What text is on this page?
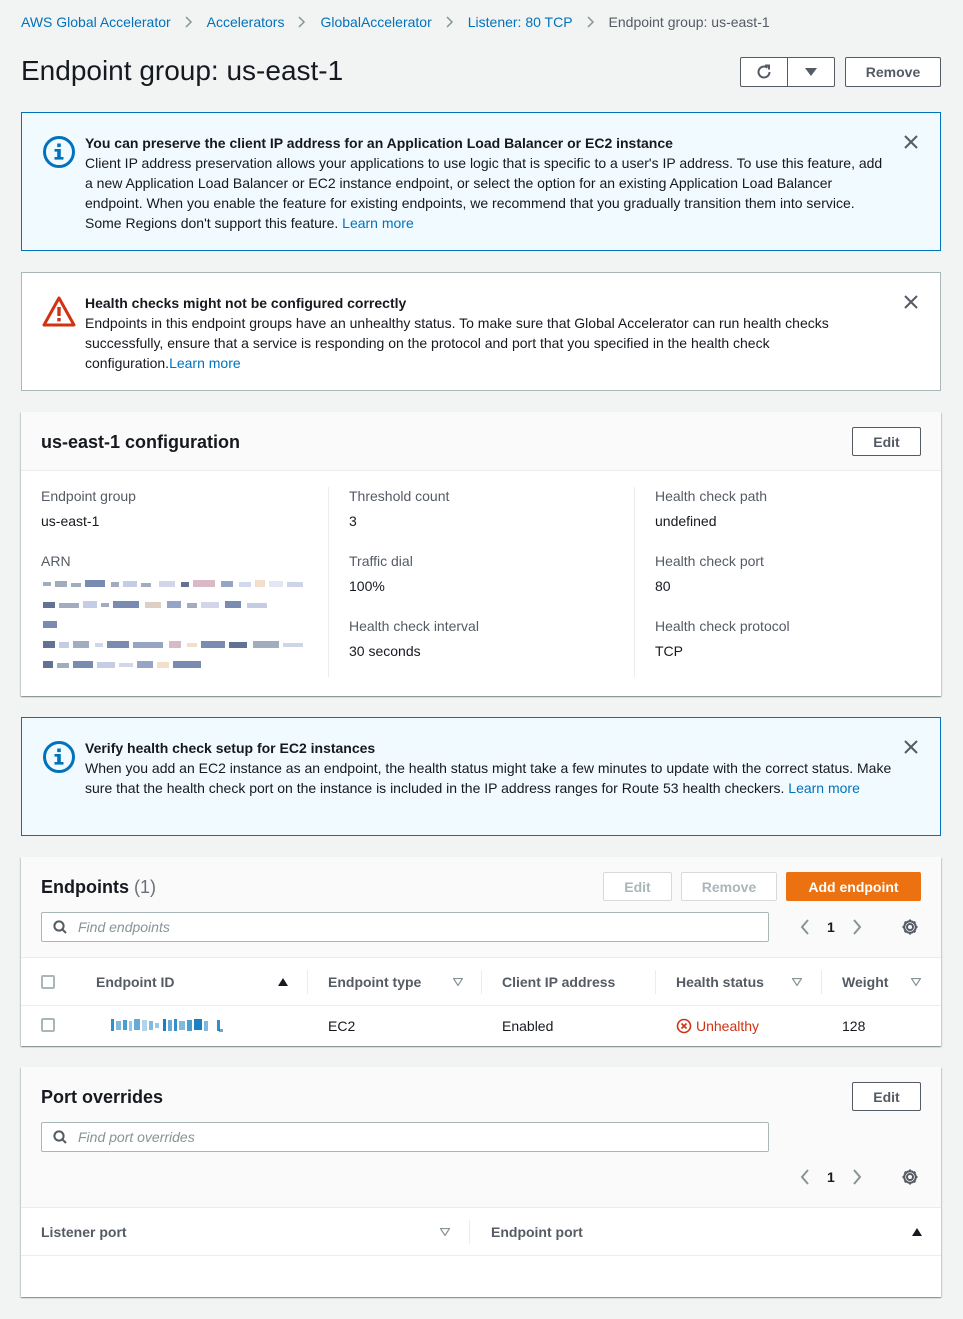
AWS Global Accelerator	Accelerators	GlobalAccelerator	Listener: 80 TCP	Endpoint group: us-east-1
Endpoint group: us-east-1	Remove
You can preserve the client IP address for an Application Load Balancer or EC2 instance
Client IP address preservation allows your applications to use logic that is specific to a user's IP address. To use this feature, add a new Application Load Balancer or EC2 instance endpoint, or select the option for an existing Application Load Balancer endpoint. When you enable the feature for existing endpoints, we recommend that you gradually transition them into service. Some Regions don't support this feature. Learn more
Health checks might not be configured correctly
Endpoints in this endpoint groups have an unhealthy status. To make sure that Global Accelerator can run health checks successfully, ensure that a service is responding on the protocol and port that you specified in the health check configuration.Learn more
us-east-1 configuration	Edit
Endpoint group
us-east-1
ARN
Threshold count
3
Traffic dial
100%
Health check interval
30 seconds
Health check path
undefined
Health check port
80
Health check protocol
TCP
Verify health check setup for EC2 instances
When you add an EC2 instance as an endpoint, the health status might take a few minutes to update with the correct status. Make sure that the health check port on the instance is included in the IP address ranges for Route 53 health checkers. Learn more
Endpoints (1)	Edit	Remove	Add endpoint
Find endpoints
1

	Endpoint ID	Endpoint type	Client IP address	Health status	Weight

		EC2	Enabled	Unhealthy	128
Port overrides	Edit
Find port overrides
1
Listener port	Endpoint port
